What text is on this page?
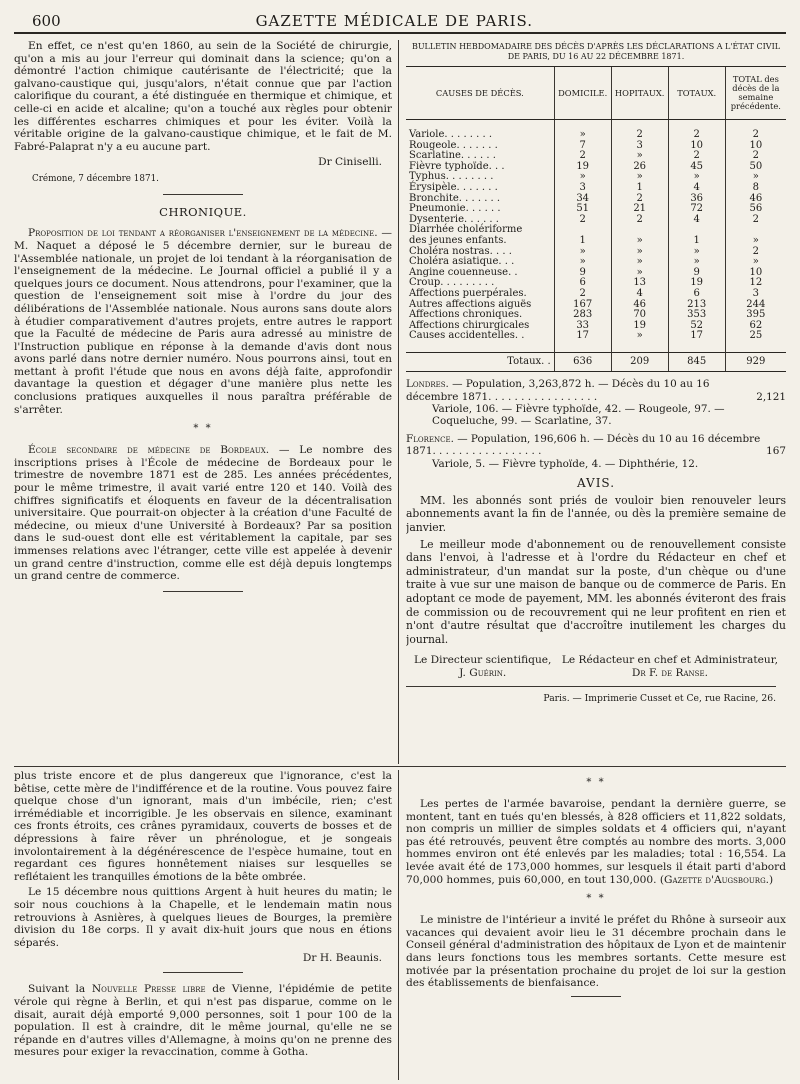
600	GAZETTE MÉDICALE DE PARIS.

En effet, ce n'est qu'en 1860, au sein de la Société de chirurgie, qu'on a mis au jour l'erreur qui dominait dans la science; qu'on a démontré l'action chimique cautérisante de l'électricité; que la galvano-caustique qui, jusqu'alors, n'était connue que par l'action calorifique du courant, a été distinguée en thermique et chimique, et celle-ci en acide et alcaline; qu'on a touché aux règles pour obtenir les différentes escharres chimiques et pour les éviter. Voilà la véritable origine de la galvano-caustique chimique, et le fait de M. Fabré-Palaprat n'y a eu aucune part.

Dr Ciniselli.
Crémone, 7 décembre 1871.
CHRONIQUE.

Proposition de loi tendant a réorganiser l'enseignement de la médecine. — M. Naquet a déposé le 5 décembre dernier, sur le bureau de l'Assemblée nationale, un projet de loi tendant à la réorganisation de l'enseignement de la médecine. Le Journal officiel a publié il y a quelques jours ce document. Nous attendrons, pour l'examiner, que la question de l'enseignement soit mise à l'ordre du jour des délibérations de l'Assemblée nationale. Nous aurons sans doute alors à étudier comparativement d'autres projets, entre autres le rapport que la Faculté de médecine de Paris aura adressé au ministre de l'Instruction publique en réponse à la demande d'avis dont nous avons parlé dans notre dernier numéro. Nous pourrons ainsi, tout en mettant à profit l'étude que nous en avons déjà faite, approfondir davantage la question et dégager d'une manière plus nette les conclusions pratiques auxquelles il nous paraîtra préférable de s'arrêter.

* *

École secondaire de médecine de Bordeaux. — Le nombre des inscriptions prises à l'École de médecine de Bordeaux pour le trimestre de novembre 1871 est de 285. Les années précédentes, pour le même trimestre, il avait varié entre 120 et 140. Voilà des chiffres significatifs et éloquents en faveur de la décentralisation universitaire. Que pourrait-on objecter à la création d'une Faculté de médecine, ou mieux d'une Université à Bordeaux? Par sa position dans le sud-ouest dont elle est véritablement la capitale, par ses immenses relations avec l'étranger, cette ville est appelée à devenir un grand centre d'instruction, comme elle est déjà depuis longtemps un grand centre de commerce.

BULLETIN HEBDOMADAIRE DES DÉCÈS D'APRÈS LES DÉCLARATIONS A L'ÉTAT CIVIL
DE PARIS, DU 16 AU 22 DÉCEMBRE 1871.
CAUSES DE DÉCÈS.	DOMICILE.	HOPITAUX.	TOTAUX.	TOTAL des décès de la semaine précédente.

Variole. . . . . . . .	»	2	2	2
Rougeole. . . . . . .	7	3	10	10
Scarlatine. . . . . .	2	»	2	2
Fièvre typhoïde. . .	19	26	45	50
Typhus. . . . . . . .	»	»	»	»
Érysipèle. . . . . . .	3	1	4	8
Bronchite. . . . . . .	34	2	36	46
Pneumonie. . . . . .	51	21	72	56
Dysenterie. . . . . .	2	2	4	2
Diarrhée cholériforme				
des jeunes enfants.	1	»	1	»
Choléra nostras. . . .	»	»	»	2
Choléra asiatique. . .	»	»	»	»
Angine couenneuse. .	9	»	9	10
Croup. . . . . . . . .	6	13	19	12
Affections puerpérales.	2	4	6	3
Autres affections aiguës	167	46	213	244
Affections chroniques.	283	70	353	395
Affections chirurgicales	33	19	52	62
Causes accidentelles. .	17	»	17	25

Totaux. .	636	209	845	929
Londres. — Population, 3,263,872 h. — Décès du 10 au 16 décembre 1871. . . . . . . . . . . . . . . . .	2,121
Variole, 106. — Fièvre typhoïde, 42. — Rougeole, 97. — Coqueluche, 99. — Scarlatine, 37.
Florence. — Population, 196,606 h. — Décès du 10 au 16 décembre 1871. . . . . . . . . . . . . . . . .	167
Variole, 5. — Fièvre typhoïde, 4. — Diphthérie, 12.
AVIS.

MM. les abonnés sont priés de vouloir bien renouveler leurs abonnements avant la fin de l'année, ou dès la première semaine de janvier.

Le meilleur mode d'abonnement ou de renouvellement consiste dans l'envoi, à l'adresse et à l'ordre du Rédacteur en chef et administrateur, d'un mandat sur la poste, d'un chèque ou d'une traite à vue sur une maison de banque ou de commerce de Paris. En adoptant ce mode de payement, MM. les abonnés éviteront des frais de commission ou de recouvrement qui ne leur profitent en rien et n'ont d'autre résultat que d'accroître inutilement les charges du journal.

Le Directeur scientifique,
J. Guérin.
Le Rédacteur en chef et Administrateur,
Dr F. de Ranse.
Paris. — Imprimerie Cusset et Ce, rue Racine, 26.

plus triste encore et de plus dangereux que l'ignorance, c'est la bêtise, cette mère de l'indifférence et de la routine. Vous pouvez faire quelque chose d'un ignorant, mais d'un imbécile, rien; c'est irrémédiable et incorrigible. Je les observais en silence, examinant ces fronts étroits, ces crânes pyramidaux, couverts de bosses et de dépressions à faire rêver un phrénologue, et je songeais involontairement à la dégénérescence de l'espèce humaine, tout en regardant ces figures honnêtement niaises sur lesquelles se reflétaient les tranquilles émotions de la bête ombrée.

Le 15 décembre nous quittions Argent à huit heures du matin; le soir nous couchions à la Chapelle, et le lendemain matin nous retrouvions à Asnières, à quelques lieues de Bourges, la première division du 18e corps. Il y avait dix-huit jours que nous en étions séparés.

Dr H. Beaunis.

Suivant la Nouvelle Presse libre de Vienne, l'épidémie de petite vérole qui règne à Berlin, et qui n'est pas disparue, comme on le disait, aurait déjà emporté 9,000 personnes, soit 1 pour 100 de la population. Il est à craindre, dit le même journal, qu'elle ne se répande en d'autres villes d'Allemagne, à moins qu'on ne prenne des mesures pour exiger la revaccination, comme à Gotha.

* *

Les pertes de l'armée bavaroise, pendant la dernière guerre, se montent, tant en tués qu'en blessés, à 828 officiers et 11,822 soldats, non compris un millier de simples soldats et 4 officiers qui, n'ayant pas été retrouvés, peuvent être comptés au nombre des morts. 3,000 hommes environ ont été enlevés par les maladies; total : 16,554. La levée avait été de 173,000 hommes, sur lesquels il était parti d'abord 70,000 hommes, puis 60,000, en tout 130,000. (Gazette d'Augsbourg.)

* *

Le ministre de l'intérieur a invité le préfet du Rhône à surseoir aux vacances qui devaient avoir lieu le 31 décembre prochain dans le Conseil général d'administration des hôpitaux de Lyon et de maintenir dans leurs fonctions tous les membres sortants. Cette mesure est motivée par la présentation prochaine du projet de loi sur la gestion des établissements de bienfaisance.
